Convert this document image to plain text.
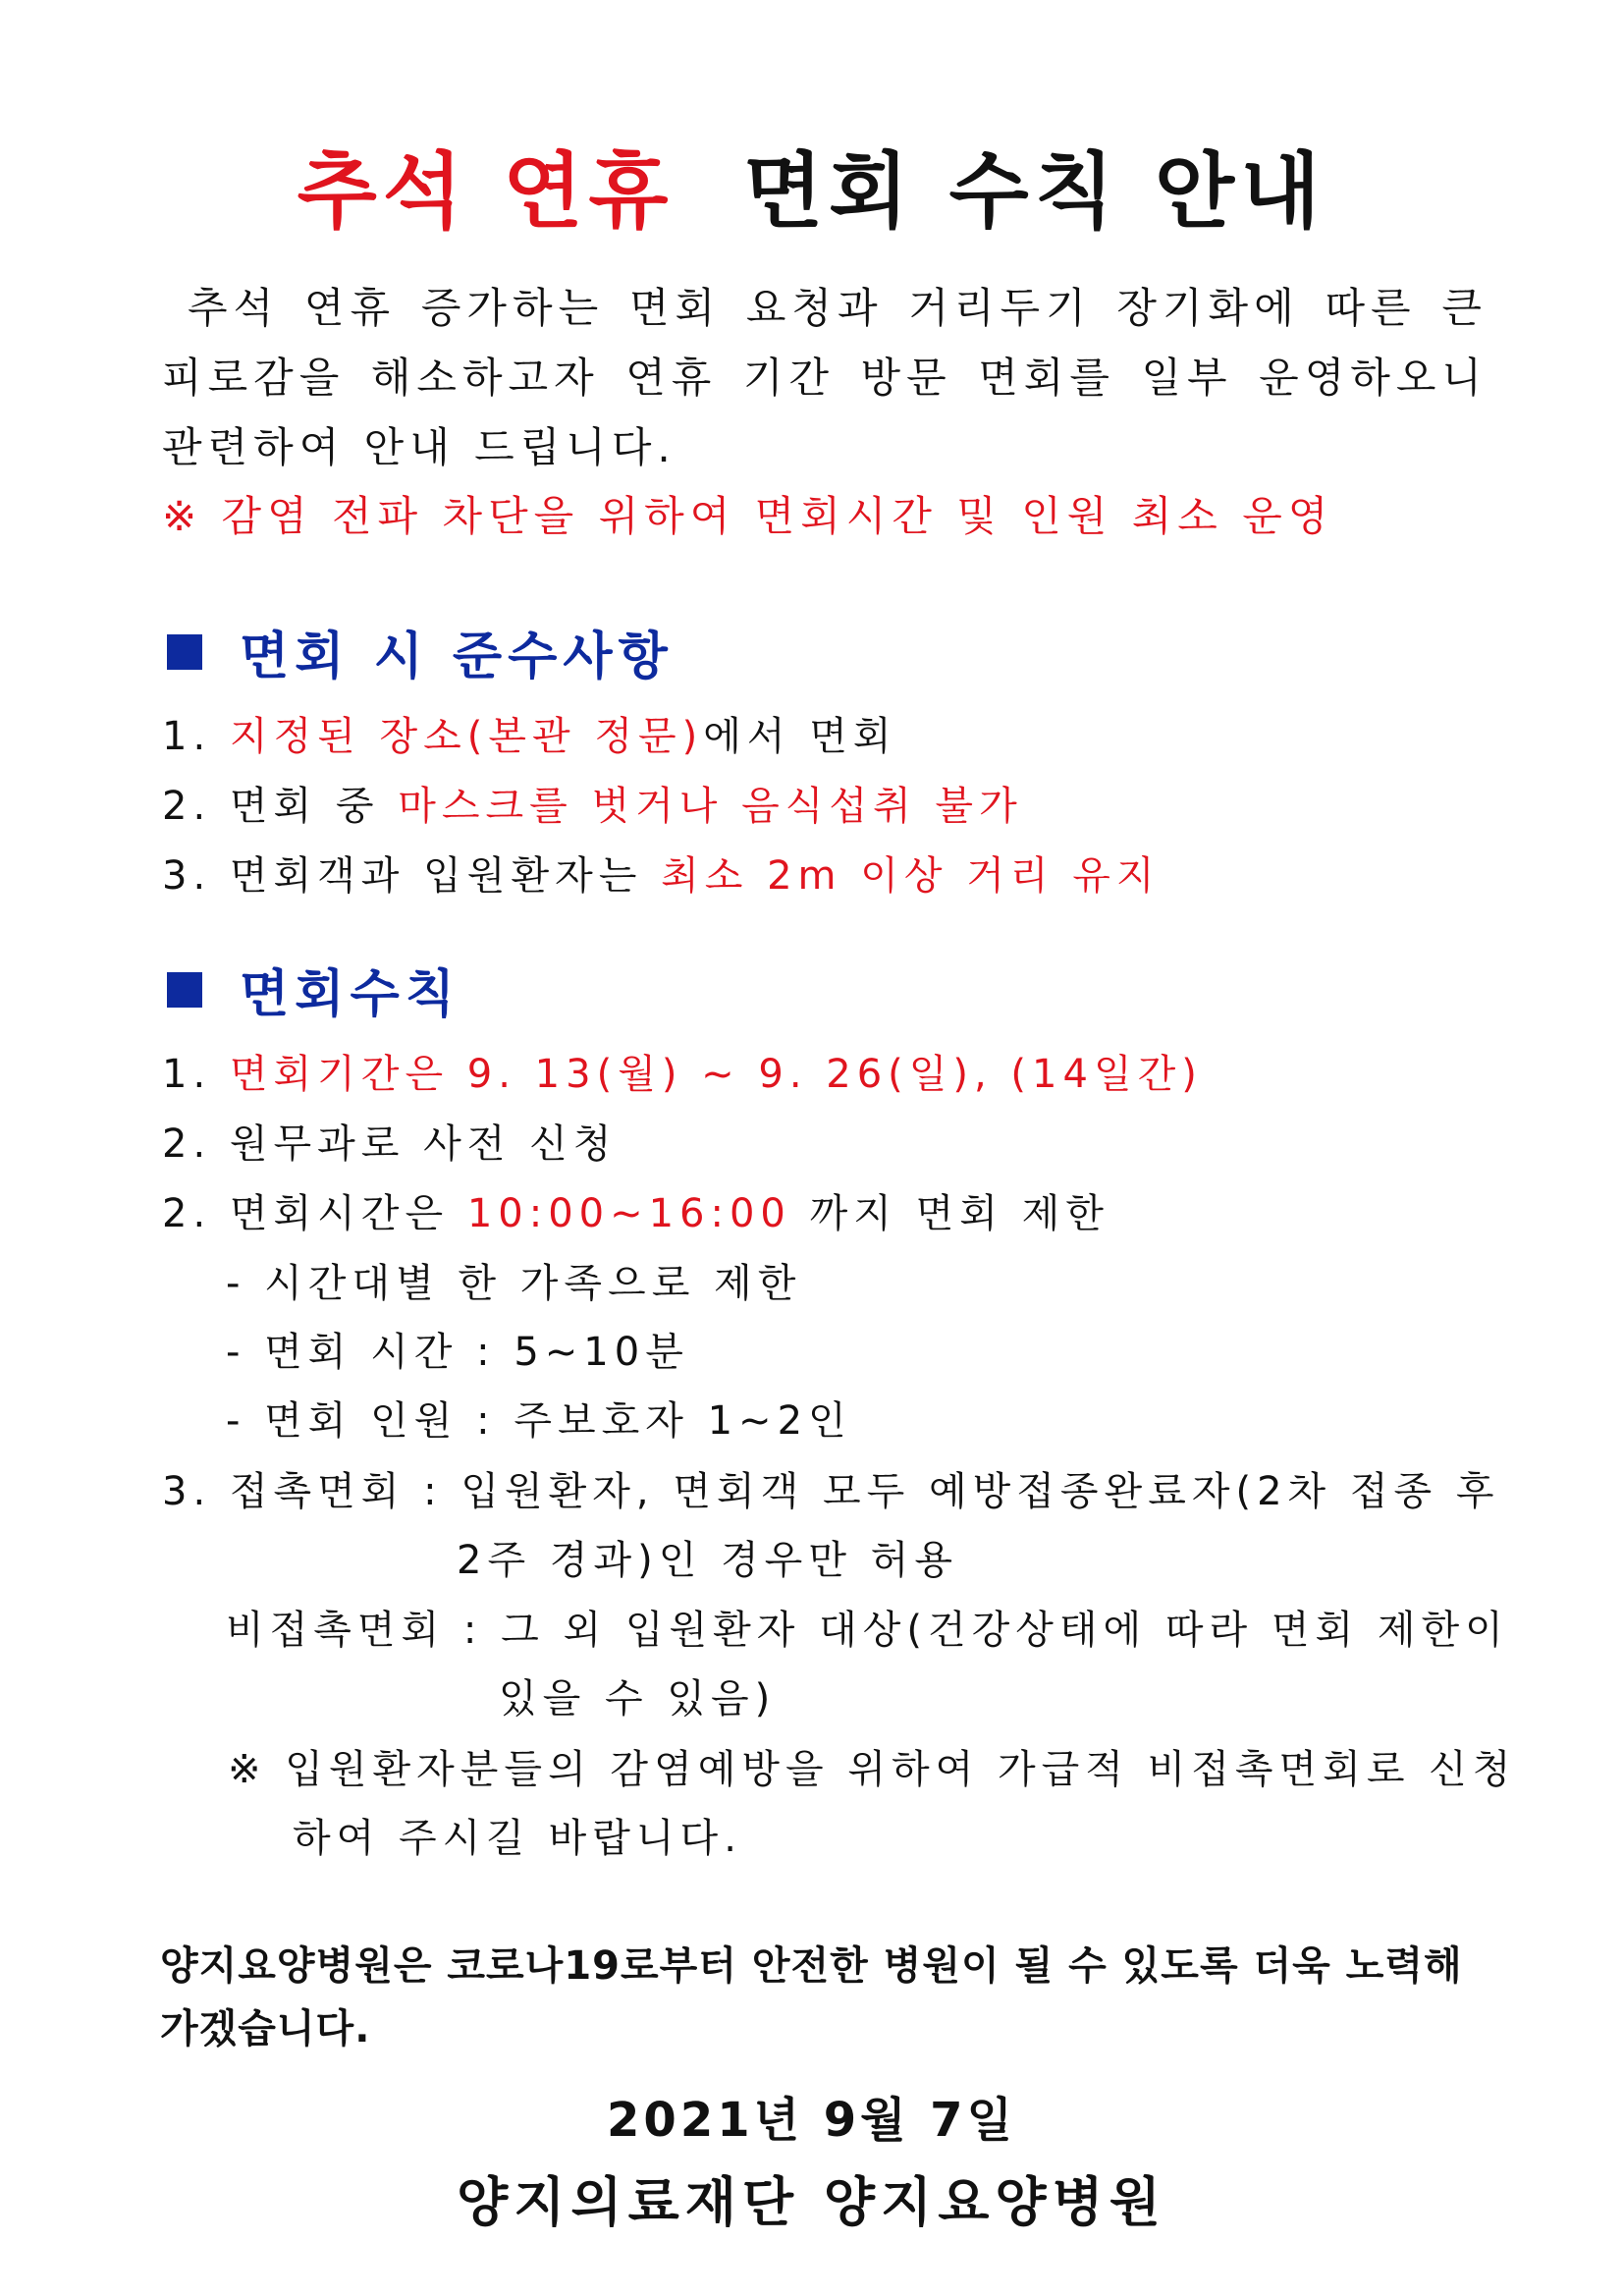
추석 연휴 면회 수칙 안내
추석 연휴 증가하는 면회 요청과 거리두기 장기화에 따른 큰 피로감을 해소하고자 연휴 기간 방문 면회를 일부 운영하오니 관련하여 안내 드립니다.
※ 감염 전파 차단을 위하여 면회시간 및 인원 최소 운영
면회 시 준수사항
1. 지정된 장소(본관 정문)에서 면회
2. 면회 중 마스크를 벗거나 음식섭취 불가
3. 면회객과 입원환자는 최소 2m 이상 거리 유지
면회수칙
1. 면회기간은 9. 13(월) ~ 9. 26(일), (14일간)
2. 원무과로 사전 신청
2. 면회시간은 10:00~16:00 까지 면회 제한
- 시간대별 한 가족으로 제한
- 면회 시간 : 5~10분
- 면회 인원 : 주보호자 1~2인
3. 접촉면회 : 입원환자, 면회객 모두 예방접종완료자(2차 접종 후
2주 경과)인 경우만 허용
비접촉면회 : 그 외 입원환자 대상(건강상태에 따라 면회 제한이
있을 수 있음)
※ 입원환자분들의 감염예방을 위하여 가급적 비접촉면회로 신청
하여 주시길 바랍니다.
양지요양병원은 코로나19로부터 안전한 병원이 될 수 있도록 더욱 노력해 가겠습니다.
2021년 9월 7일
양지의료재단 양지요양병원
